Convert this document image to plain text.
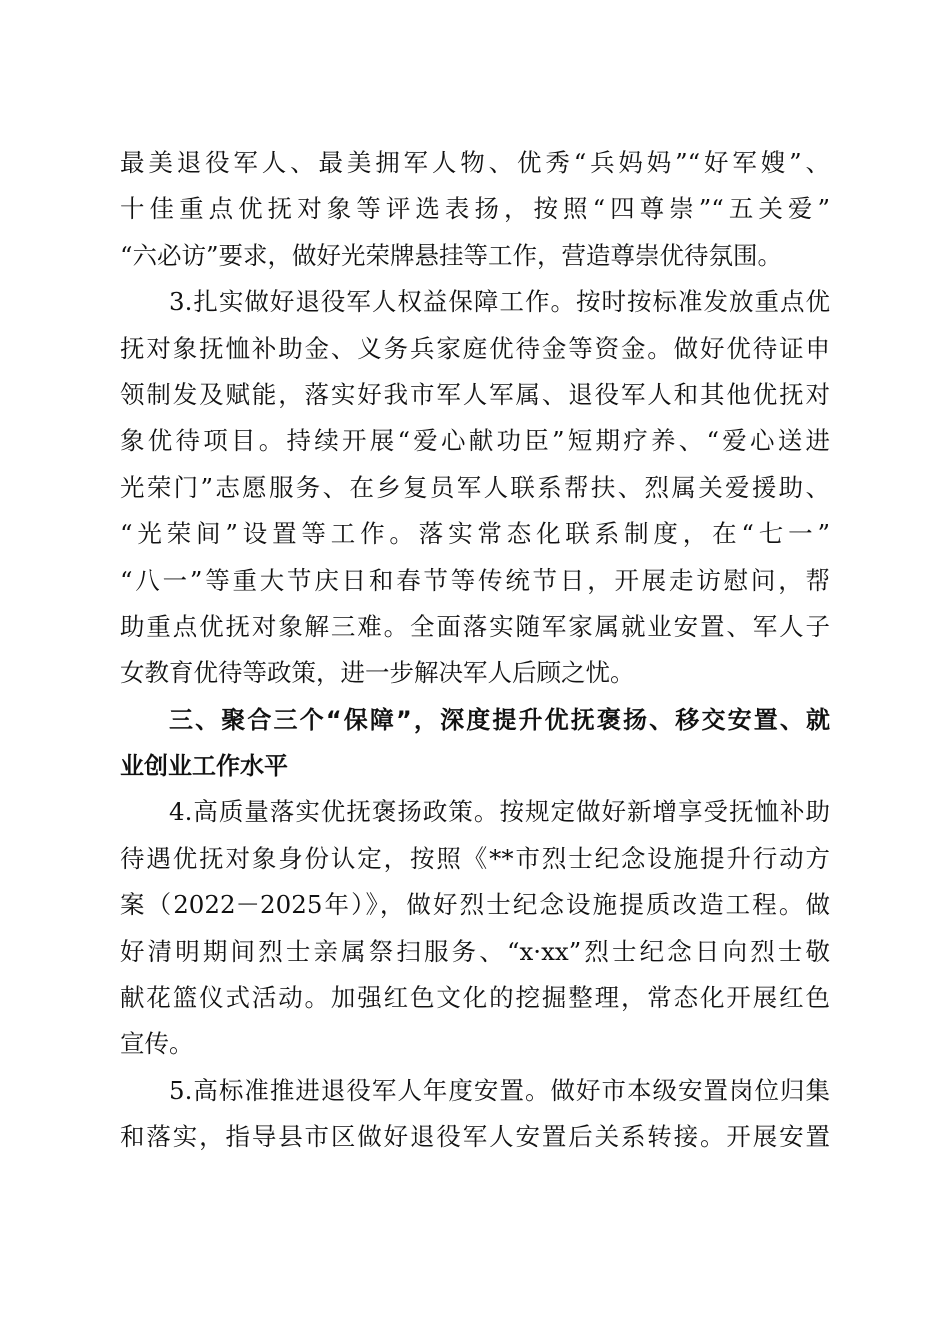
最美退役军人、最美拥军人物、优秀“兵妈妈”“好军嫂”、
十佳重点优抚对象等评选表扬，按照“四尊崇”“五关爱”
“六必访”要求，做好光荣牌悬挂等工作，营造尊崇优待氛围。
3.扎实做好退役军人权益保障工作。按时按标准发放重点优
抚对象抚恤补助金、义务兵家庭优待金等资金。做好优待证申
领制发及赋能，落实好我市军人军属、退役军人和其他优抚对
象优待项目。持续开展“爱心献功臣”短期疗养、“爱心送进
光荣门”志愿服务、在乡复员军人联系帮扶、烈属关爱援助、
“光荣间”设置等工作。落实常态化联系制度，在“七一”
“八一”等重大节庆日和春节等传统节日，开展走访慰问，帮
助重点优抚对象解三难。全面落实随军家属就业安置、军人子
女教育优待等政策，进一步解决军人后顾之忧。
三、聚合三个“保障”，深度提升优抚褒扬、移交安置、就
业创业工作水平
4.高质量落实优抚褒扬政策。按规定做好新增享受抚恤补助
待遇优抚对象身份认定，按照《**市烈士纪念设施提升行动方
案（2022－2025年）》，做好烈士纪念设施提质改造工程。做
好清明期间烈士亲属祭扫服务、“x·xx”烈士纪念日向烈士敬
献花篮仪式活动。加强红色文化的挖掘整理，常态化开展红色
宣传。
5.高标准推进退役军人年度安置。做好市本级安置岗位归集
和落实，指导县市区做好退役军人安置后关系转接。开展安置
